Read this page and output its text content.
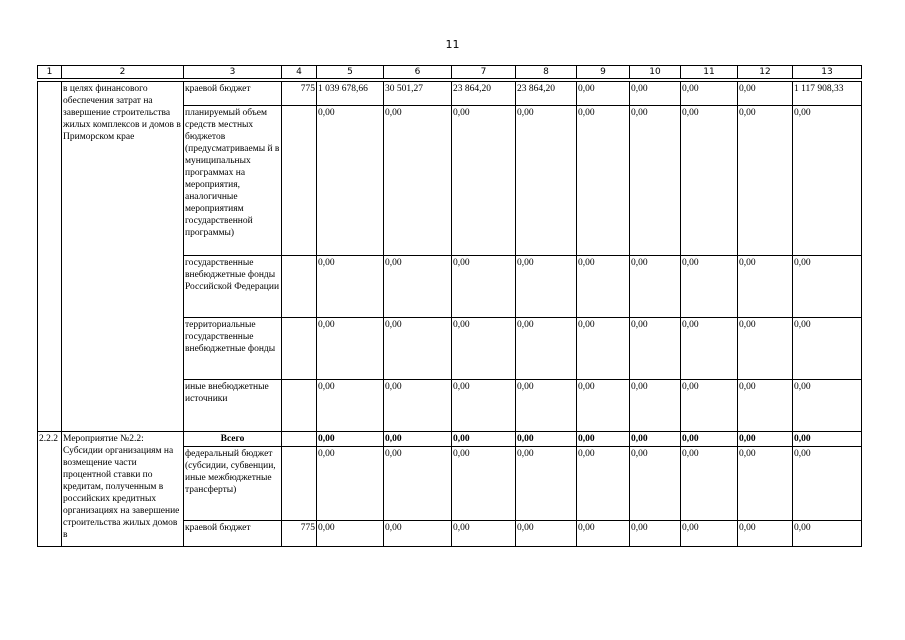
11
1	2	3	4	5	6	7	8	9	10	11	12	13

	в целях финансового обеспечения затрат на завершение строительства жилых комплексов и домов в Приморском крае	краевой бюджет	775	1 039 678,66	30 501,27	23 864,20	23 864,20	0,00	0,00	0,00	0,00	1 117 908,33
		планируемый объем средств местных бюджетов (предусматриваемы й в муниципальных программах на мероприятия, аналогичные мероприятиям государственной программы)		0,00	0,00	0,00	0,00	0,00	0,00	0,00	0,00	0,00
		государственные внебюджетные фонды Российской Федерации		0,00	0,00	0,00	0,00	0,00	0,00	0,00	0,00	0,00
		территориальные государственные внебюджетные фонды		0,00	0,00	0,00	0,00	0,00	0,00	0,00	0,00	0,00
		иные внебюджетные источники		0,00	0,00	0,00	0,00	0,00	0,00	0,00	0,00	0,00
2.2.2	Мероприятие №2.2: Субсидии организациям на возмещение части процентной ставки по кредитам, полученным в российских кредитных организациях на завершение строительства жилых домов в	Всего		0,00	0,00	0,00	0,00	0,00	0,00	0,00	0,00	0,00
		федеральный бюджет (субсидии, субвенции, иные межбюджетные трансферты)		0,00	0,00	0,00	0,00	0,00	0,00	0,00	0,00	0,00
		краевой бюджет	775	0,00	0,00	0,00	0,00	0,00	0,00	0,00	0,00	0,00
